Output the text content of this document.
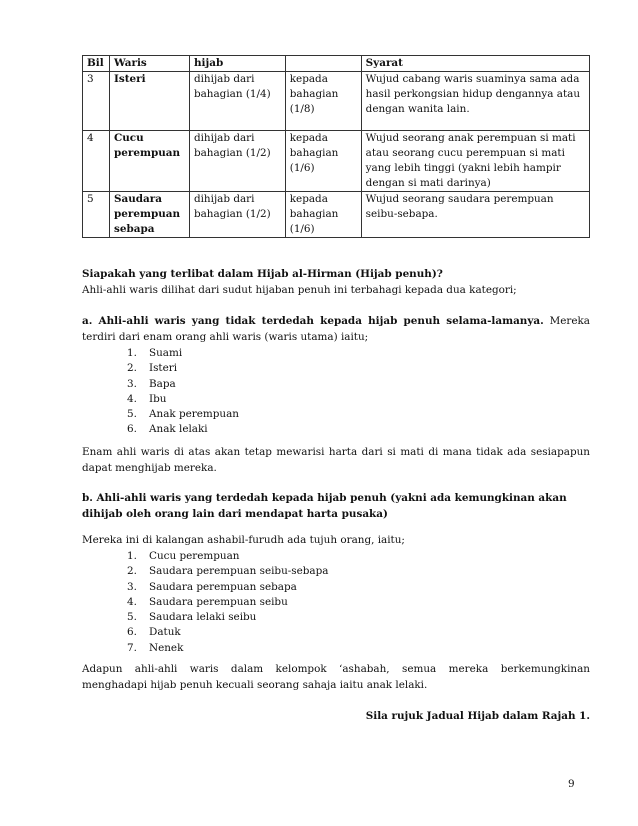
Bil	Waris	hijab		Syarat
3	Isteri	dihijab dari bahagian (1/4)	kepada bahagian (1/8)	Wujud cabang waris suaminya sama ada hasil perkongsian hidup dengannya atau dengan wanita lain.
4	Cucu perempuan	dihijab dari bahagian (1/2)	kepada bahagian (1/6)	Wujud seorang anak perempuan si mati atau seorang cucu perempuan si mati yang lebih tinggi (yakni lebih hampir dengan si mati darinya)
5	Saudara perempuan sebapa	dihijab dari bahagian (1/2)	kepada bahagian (1/6)	Wujud seorang saudara perempuan seibu-sebapa.
Siapakah yang terlibat dalam Hijab al-Hirman (Hijab penuh)?
Ahli-ahli waris dilihat dari sudut hijaban penuh ini terbahagi kepada dua kategori;
a. Ahli-ahli waris yang tidak terdedah kepada hijab penuh selama-lamanya. Mereka
terdiri dari enam orang ahli waris (waris utama) iaitu;
1. Suami
2. Isteri
3. Bapa
4. Ibu
5. Anak perempuan
6. Anak lelaki
Enam ahli waris di atas akan tetap mewarisi harta dari si mati di mana tidak ada sesiapapun
dapat menghijab mereka.
b. Ahli-ahli waris yang terdedah kepada hijab penuh (yakni ada kemungkinan akan
dihijab oleh orang lain dari mendapat harta pusaka)
Mereka ini di kalangan ashabil-furudh ada tujuh orang, iaitu;
1. Cucu perempuan
2. Saudara perempuan seibu-sebapa
3. Saudara perempuan sebapa
4. Saudara perempuan seibu
5. Saudara lelaki seibu
6. Datuk
7. Nenek
Adapun ahli-ahli waris dalam kelompok ‘ashabah, semua mereka berkemungkinan
menghadapi hijab penuh kecuali seorang sahaja iaitu anak lelaki.
Sila rujuk Jadual Hijab dalam Rajah 1.
9
